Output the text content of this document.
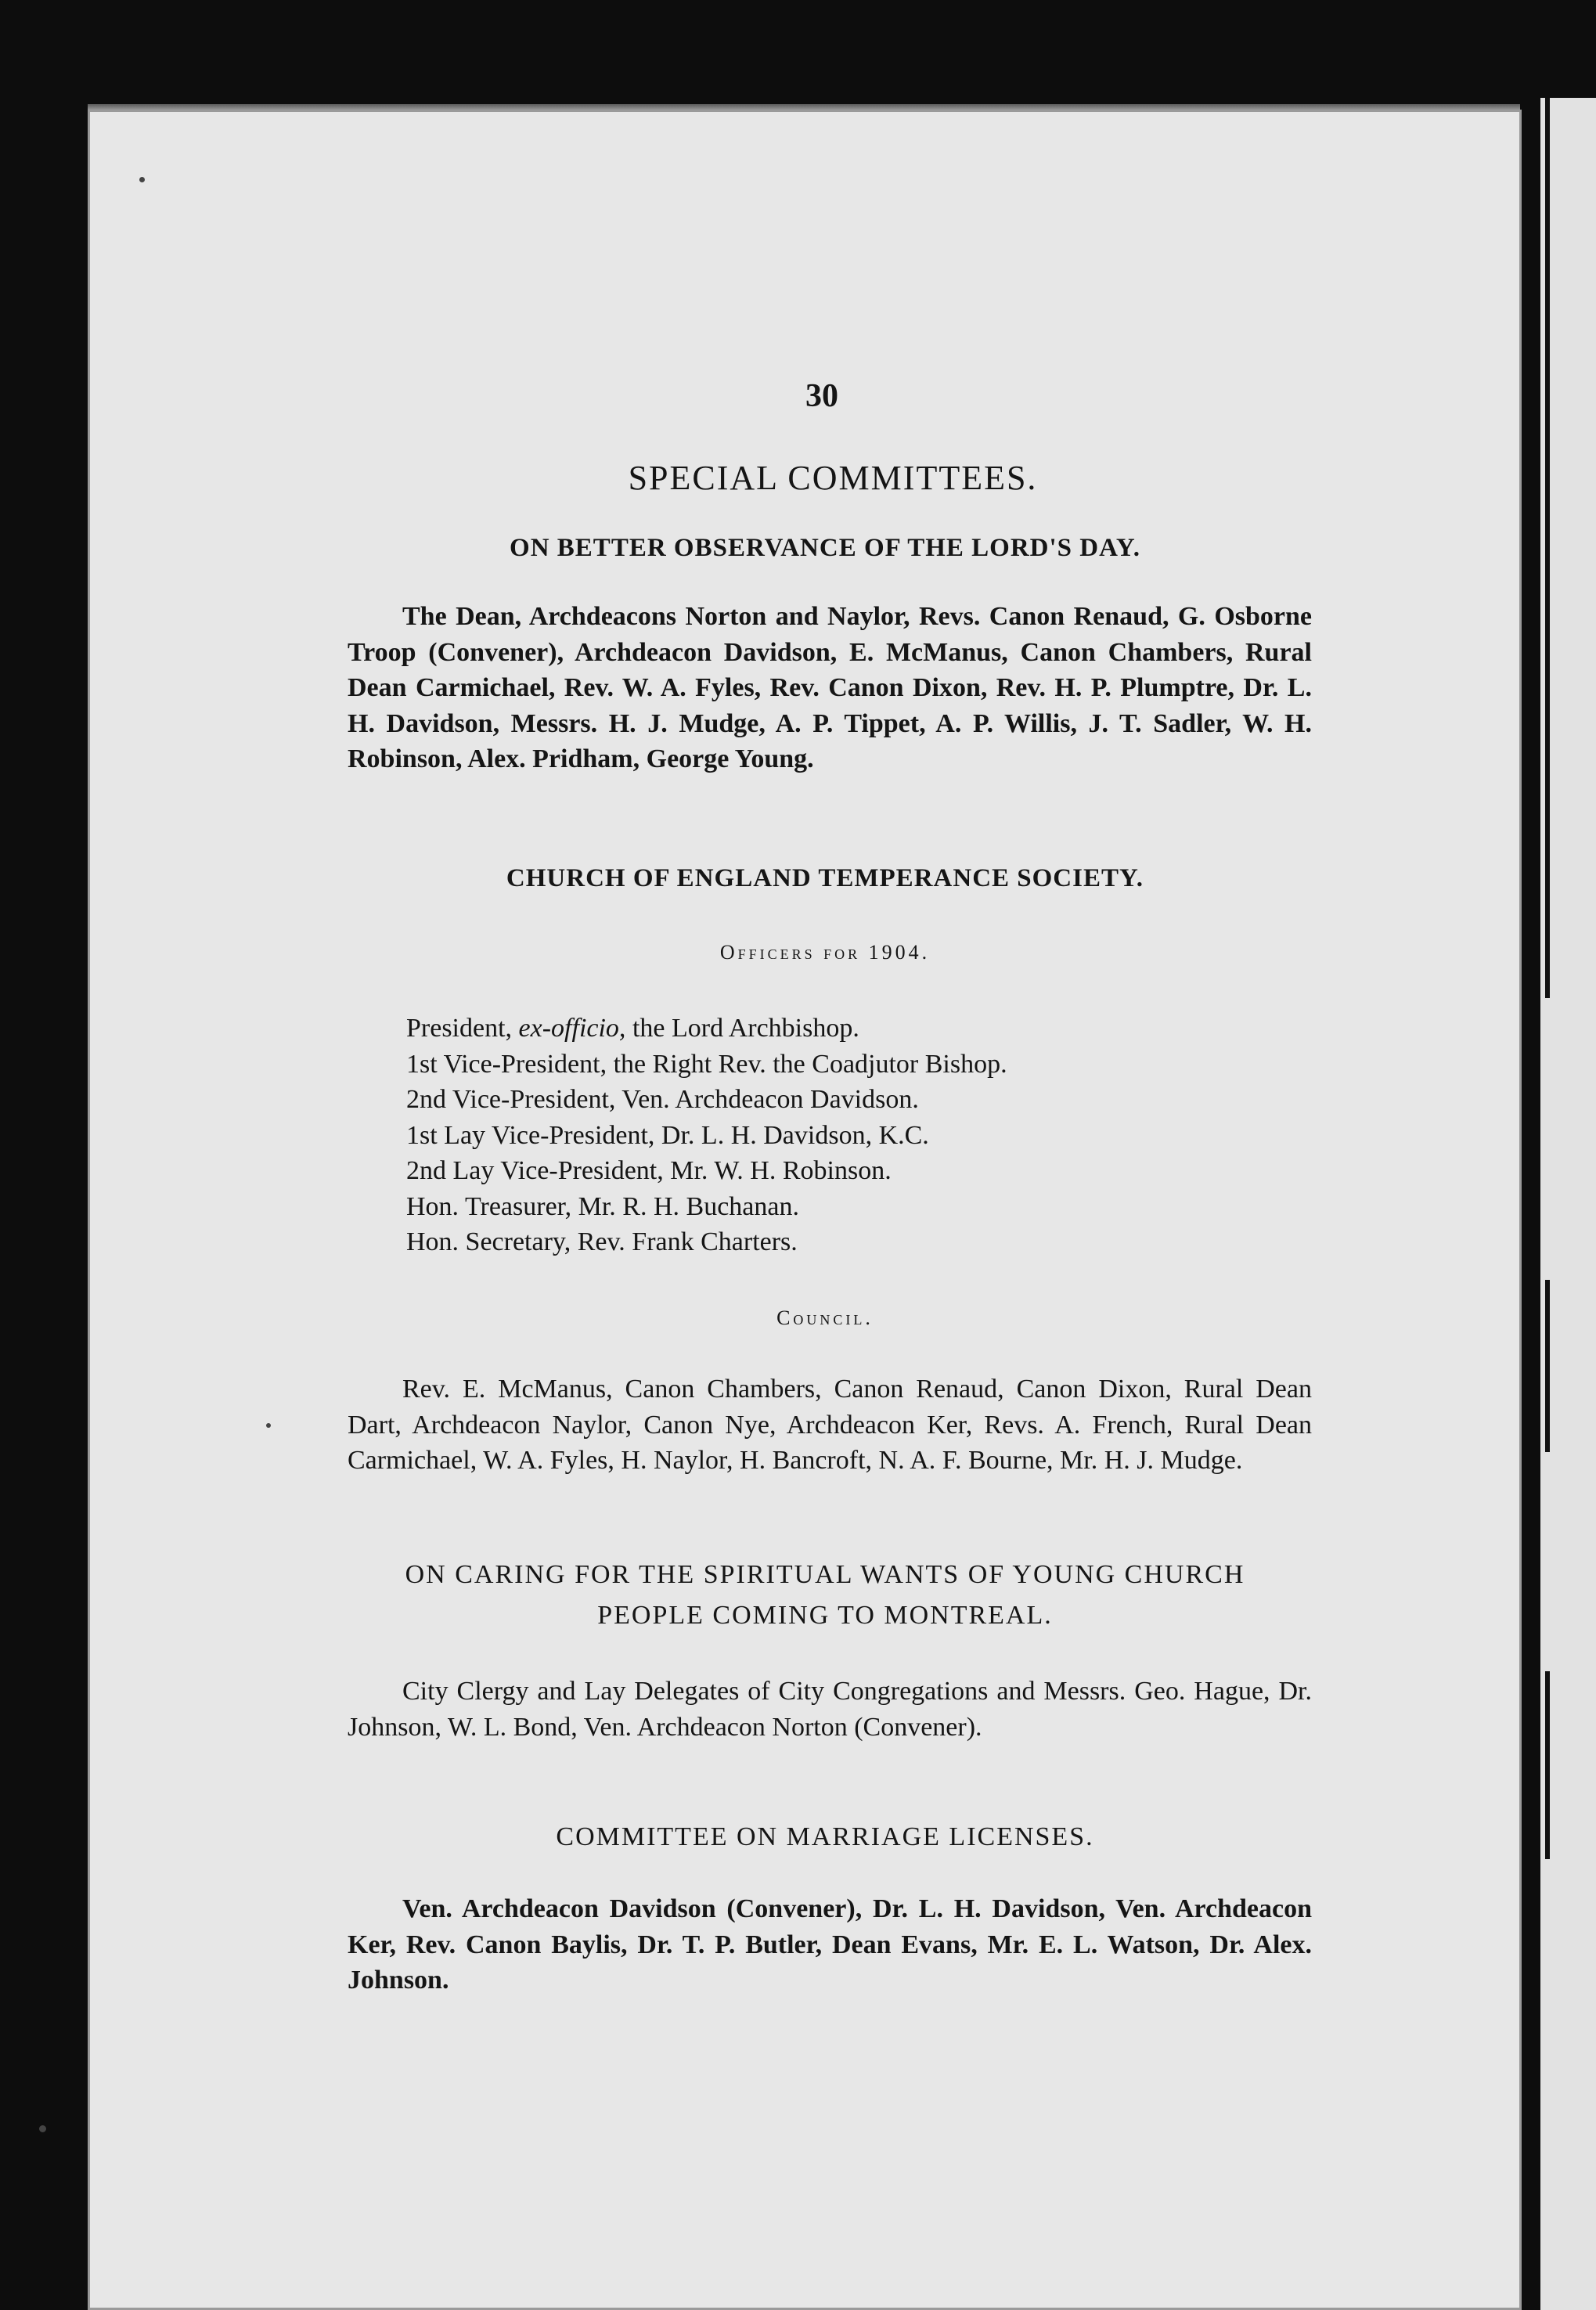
30
SPECIAL COMMITTEES.
ON BETTER OBSERVANCE OF THE LORD'S DAY.
The Dean, Archdeacons Norton and Naylor, Revs. Canon Renaud, G. Osborne Troop (Convener), Archdeacon Davidson, E. McManus, Canon Chambers, Rural Dean Carmichael, Rev. W. A. Fyles, Rev. Canon Dixon, Rev. H. P. Plumptre, Dr. L. H. Davidson, Messrs. H. J. Mudge, A. P. Tippet, A. P. Willis, J. T. Sadler, W. H. Robinson, Alex. Pridham, George Young.
CHURCH OF ENGLAND TEMPERANCE SOCIETY.
Officers for 1904.
President, ex-officio, the Lord Archbishop.
1st Vice-President, the Right Rev. the Coadjutor Bishop.
2nd Vice-President, Ven. Archdeacon Davidson.
1st Lay Vice-President, Dr. L. H. Davidson, K.C.
2nd Lay Vice-President, Mr. W. H. Robinson.
Hon. Treasurer, Mr. R. H. Buchanan.
Hon. Secretary, Rev. Frank Charters.
Council.
Rev. E. McManus, Canon Chambers, Canon Renaud, Canon Dixon, Rural Dean Dart, Archdeacon Naylor, Canon Nye, Archdeacon Ker, Revs. A. French, Rural Dean Carmichael, W. A. Fyles, H. Naylor, H. Bancroft, N. A. F. Bourne, Mr. H. J. Mudge.
ON CARING FOR THE SPIRITUAL WANTS OF YOUNG CHURCH
PEOPLE COMING TO MONTREAL.
City Clergy and Lay Delegates of City Congregations and Messrs. Geo. Hague, Dr. Johnson, W. L. Bond, Ven. Archdeacon Norton (Convener).
COMMITTEE ON MARRIAGE LICENSES.
Ven. Archdeacon Davidson (Convener), Dr. L. H. Davidson, Ven. Archdeacon Ker, Rev. Canon Baylis, Dr. T. P. Butler, Dean Evans, Mr. E. L. Watson, Dr. Alex. Johnson.
